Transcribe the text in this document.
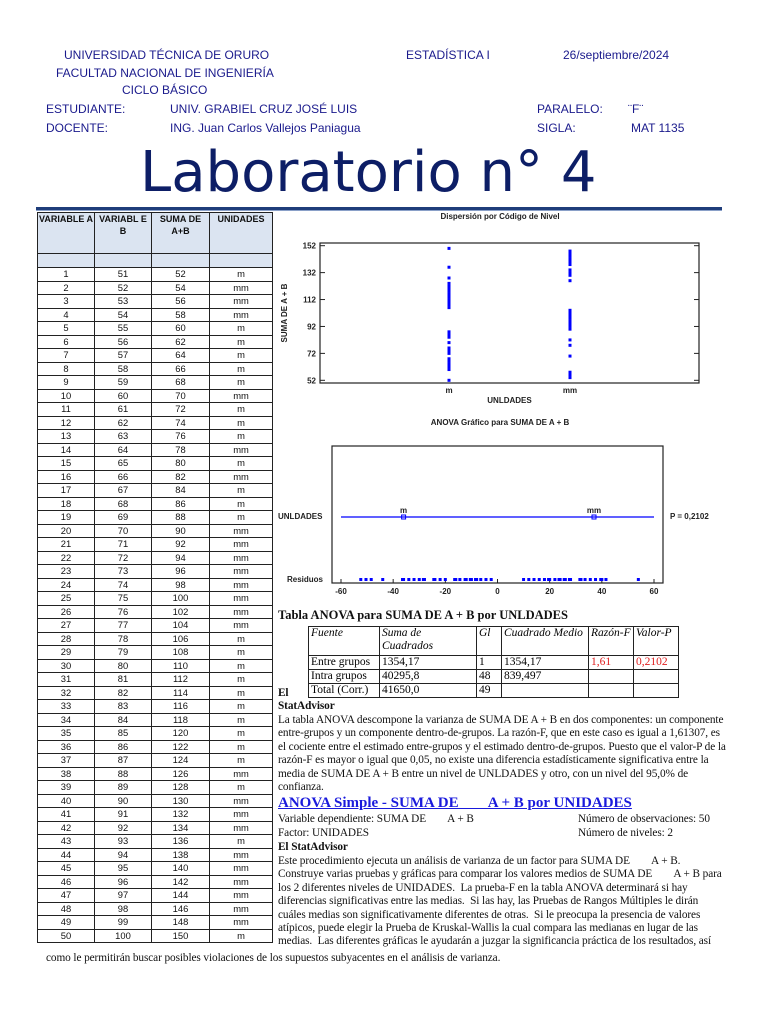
UNIVERSIDAD TÉCNICA DE ORURO
FACULTAD NACIONAL DE INGENIERÍA
CICLO BÁSICO
ESTADÍSTICA I	26/septiembre/2024
ESTUDIANTE:	UNIV. GRABIEL CRUZ JOSÉ LUIS
DOCENTE:	ING. Juan Carlos Vallejos Paniagua
PARALELO: ¨F¨
SIGLA:	MAT 1135
Laboratorio n° 4
VARIABLE A	VARIABL E B	SUMA DE A+B	UNIDADES

1	51	52	m
2	52	54	mm
3	53	56	mm
4	54	58	mm
5	55	60	m
6	56	62	m
7	57	64	m
8	58	66	m
9	59	68	m
10	60	70	mm
11	61	72	m
12	62	74	m
13	63	76	m
14	64	78	mm
15	65	80	m
16	66	82	mm
17	67	84	m
18	68	86	m
19	69	88	m
20	70	90	mm
21	71	92	mm
22	72	94	mm
23	73	96	mm
24	74	98	mm
25	75	100	mm
26	76	102	mm
27	77	104	mm
28	78	106	m
29	79	108	m
30	80	110	m
31	81	112	m
32	82	114	m
33	83	116	m
34	84	118	m
35	85	120	m
36	86	122	m
37	87	124	m
38	88	126	mm
39	89	128	m
40	90	130	mm
41	91	132	mm
42	92	134	mm
43	93	136	m
44	94	138	mm
45	95	140	mm
46	96	142	mm
47	97	144	mm
48	98	146	mm
49	99	148	mm
50	100	150	m
Dispersión por Código de Nivel
52
72
92
112
132
152
m	mm
UNLDADES
SUMA DE A + B
ANOVA Gráfico para SUMA DE A + B
-60	-40	-20	0	20	40	60
UNLDADES
Residuos
P = 0,2102
m	mm
Tabla ANOVA para SUMA DE A + B por UNLDADES
Fuente	Suma de Cuadrados	Gl	Cuadrado Medio	Razón-F	Valor-P
Entre grupos	1354,17	1	1354,17	1,61	0,2102
Intra grupos	40295,8	48	839,497		
Total (Corr.)	41650,0	49			
El
StatAdvisor
La tabla ANOVA descompone la varianza de SUMA DE A + B en dos componentes: un componente entre-grupos y un componente dentro-de-grupos. La razón-F, que en este caso es igual a 1,61307, es el cociente entre el estimado entre-grupos y el estimado dentro-de-grupos. Puesto que el valor-P de la razón-F es mayor o igual que 0,05, no existe una diferencia estadísticamente significativa entre la media de SUMA DE A + B entre un nivel de UNLDADES y otro, con un nivel del 95,0% de confianza.
ANOVA Simple - SUMA DE        A + B por UNIDADES
Variable dependiente: SUMA DE        A + B	Número de observaciones: 50
Factor: UNIDADES	Número de niveles: 2
El StatAdvisor
Este procedimiento ejecuta un análisis de varianza de un factor para SUMA DE        A + B. Construye varias pruebas y gráficas para comparar los valores medios de SUMA DE        A + B para los 2 diferentes niveles de UNIDADES.  La prueba-F en la tabla ANOVA determinará si hay diferencias significativas entre las medias.  Si las hay, las Pruebas de Rangos Múltiples le dirán cuáles medias son significativamente diferentes de otras.  Si le preocupa la presencia de valores atípicos, puede elegir la Prueba de Kruskal-Wallis la cual compara las medianas en lugar de las medias.  Las diferentes gráficas le ayudarán a juzgar la significancia práctica de los resultados, así
como le permitirán buscar posibles violaciones de los supuestos subyacentes en el análisis de varianza.
